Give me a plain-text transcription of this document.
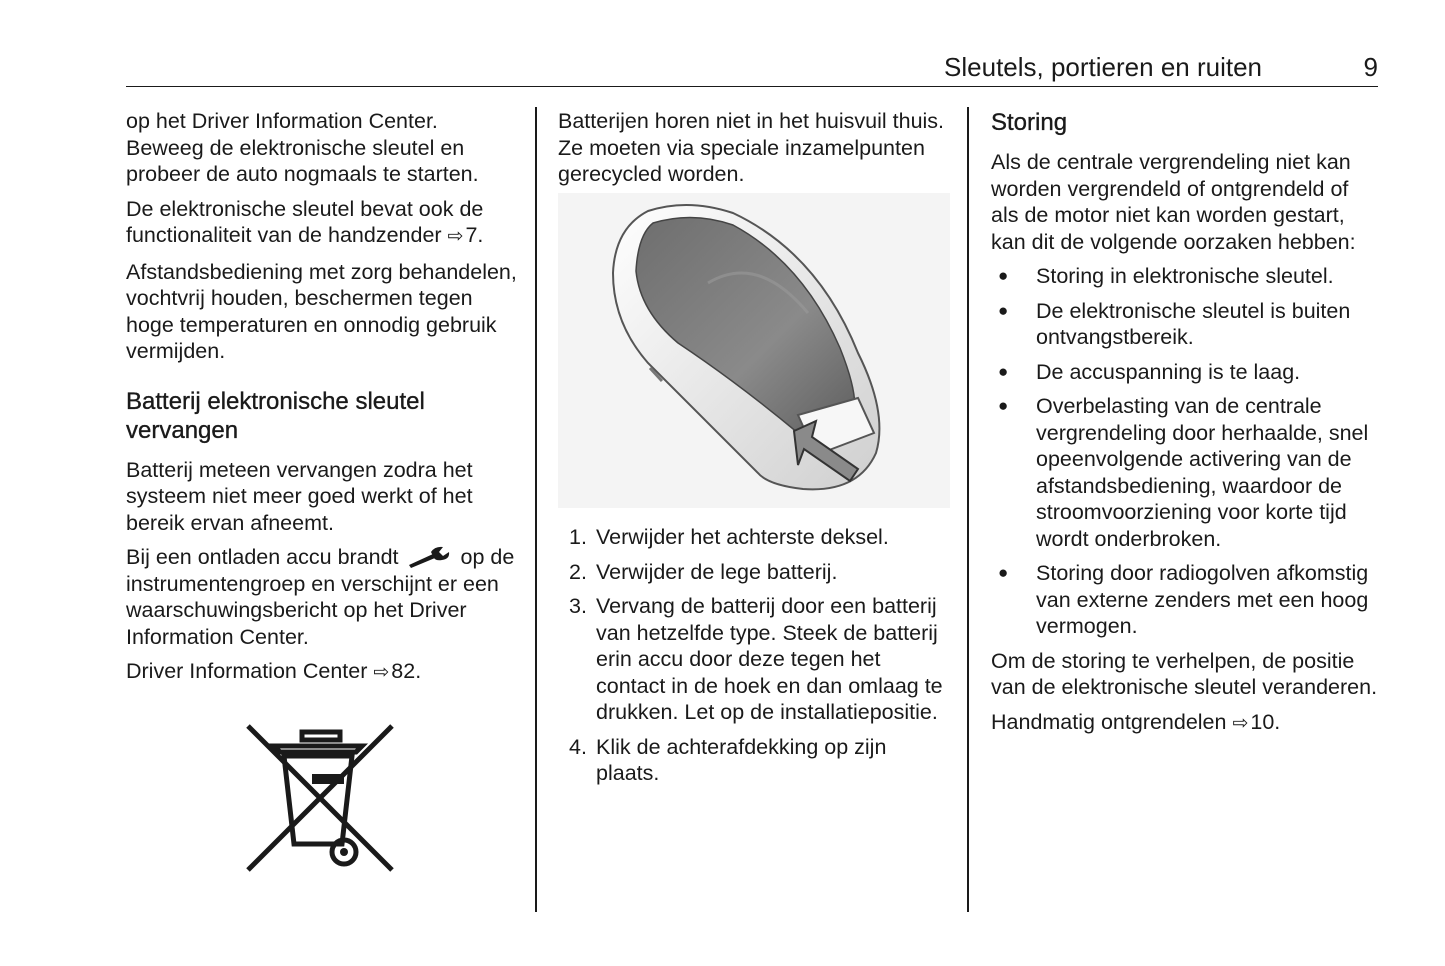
Sleutels, portieren en ruiten	9

op het Driver Information Center. Beweeg de elektronische sleutel en probeer de auto nogmaals te starten.

De elektronische sleutel bevat ook de functionaliteit van de handzender ⇨7.

Afstandsbediening met zorg behandelen, vochtvrij houden, beschermen tegen hoge temperaturen en onnodig gebruik vermijden.

Batterij elektronische sleutel vervangen

Batterij meteen vervangen zodra het systeem niet meer goed werkt of het bereik ervan afneemt.

Bij een ontladen accu brandt	op de instrumentengroep en verschijnt er een waarschuwingsbericht op het Driver Information Center.

Driver Information Center ⇨82.

Batterijen horen niet in het huisvuil thuis. Ze moeten via speciale inzamelpunten gerecycled worden.

1. Verwijder het achterste deksel.
2. Verwijder de lege batterij.
3. Vervang de batterij door een batterij van hetzelfde type. Steek de batterij erin accu door deze tegen het contact in de hoek en dan omlaag te drukken. Let op de installatiepositie.
4. Klik de achterafdekking op zijn plaats.
Storing

Als de centrale vergrendeling niet kan worden vergrendeld of ontgrendeld of als de motor niet kan worden gestart, kan dit de volgende oorzaken hebben:

● Storing in elektronische sleutel.
● De elektronische sleutel is buiten ontvangstbereik.
● De accuspanning is te laag.
● Overbelasting van de centrale vergrendeling door herhaalde, snel opeenvolgende activering van de afstandsbediening, waardoor de stroomvoorziening voor korte tijd wordt onderbroken.
● Storing door radiogolven afkomstig van externe zenders met een hoog vermogen.

Om de storing te verhelpen, de positie van de elektronische sleutel veranderen.

Handmatig ontgrendelen ⇨10.
